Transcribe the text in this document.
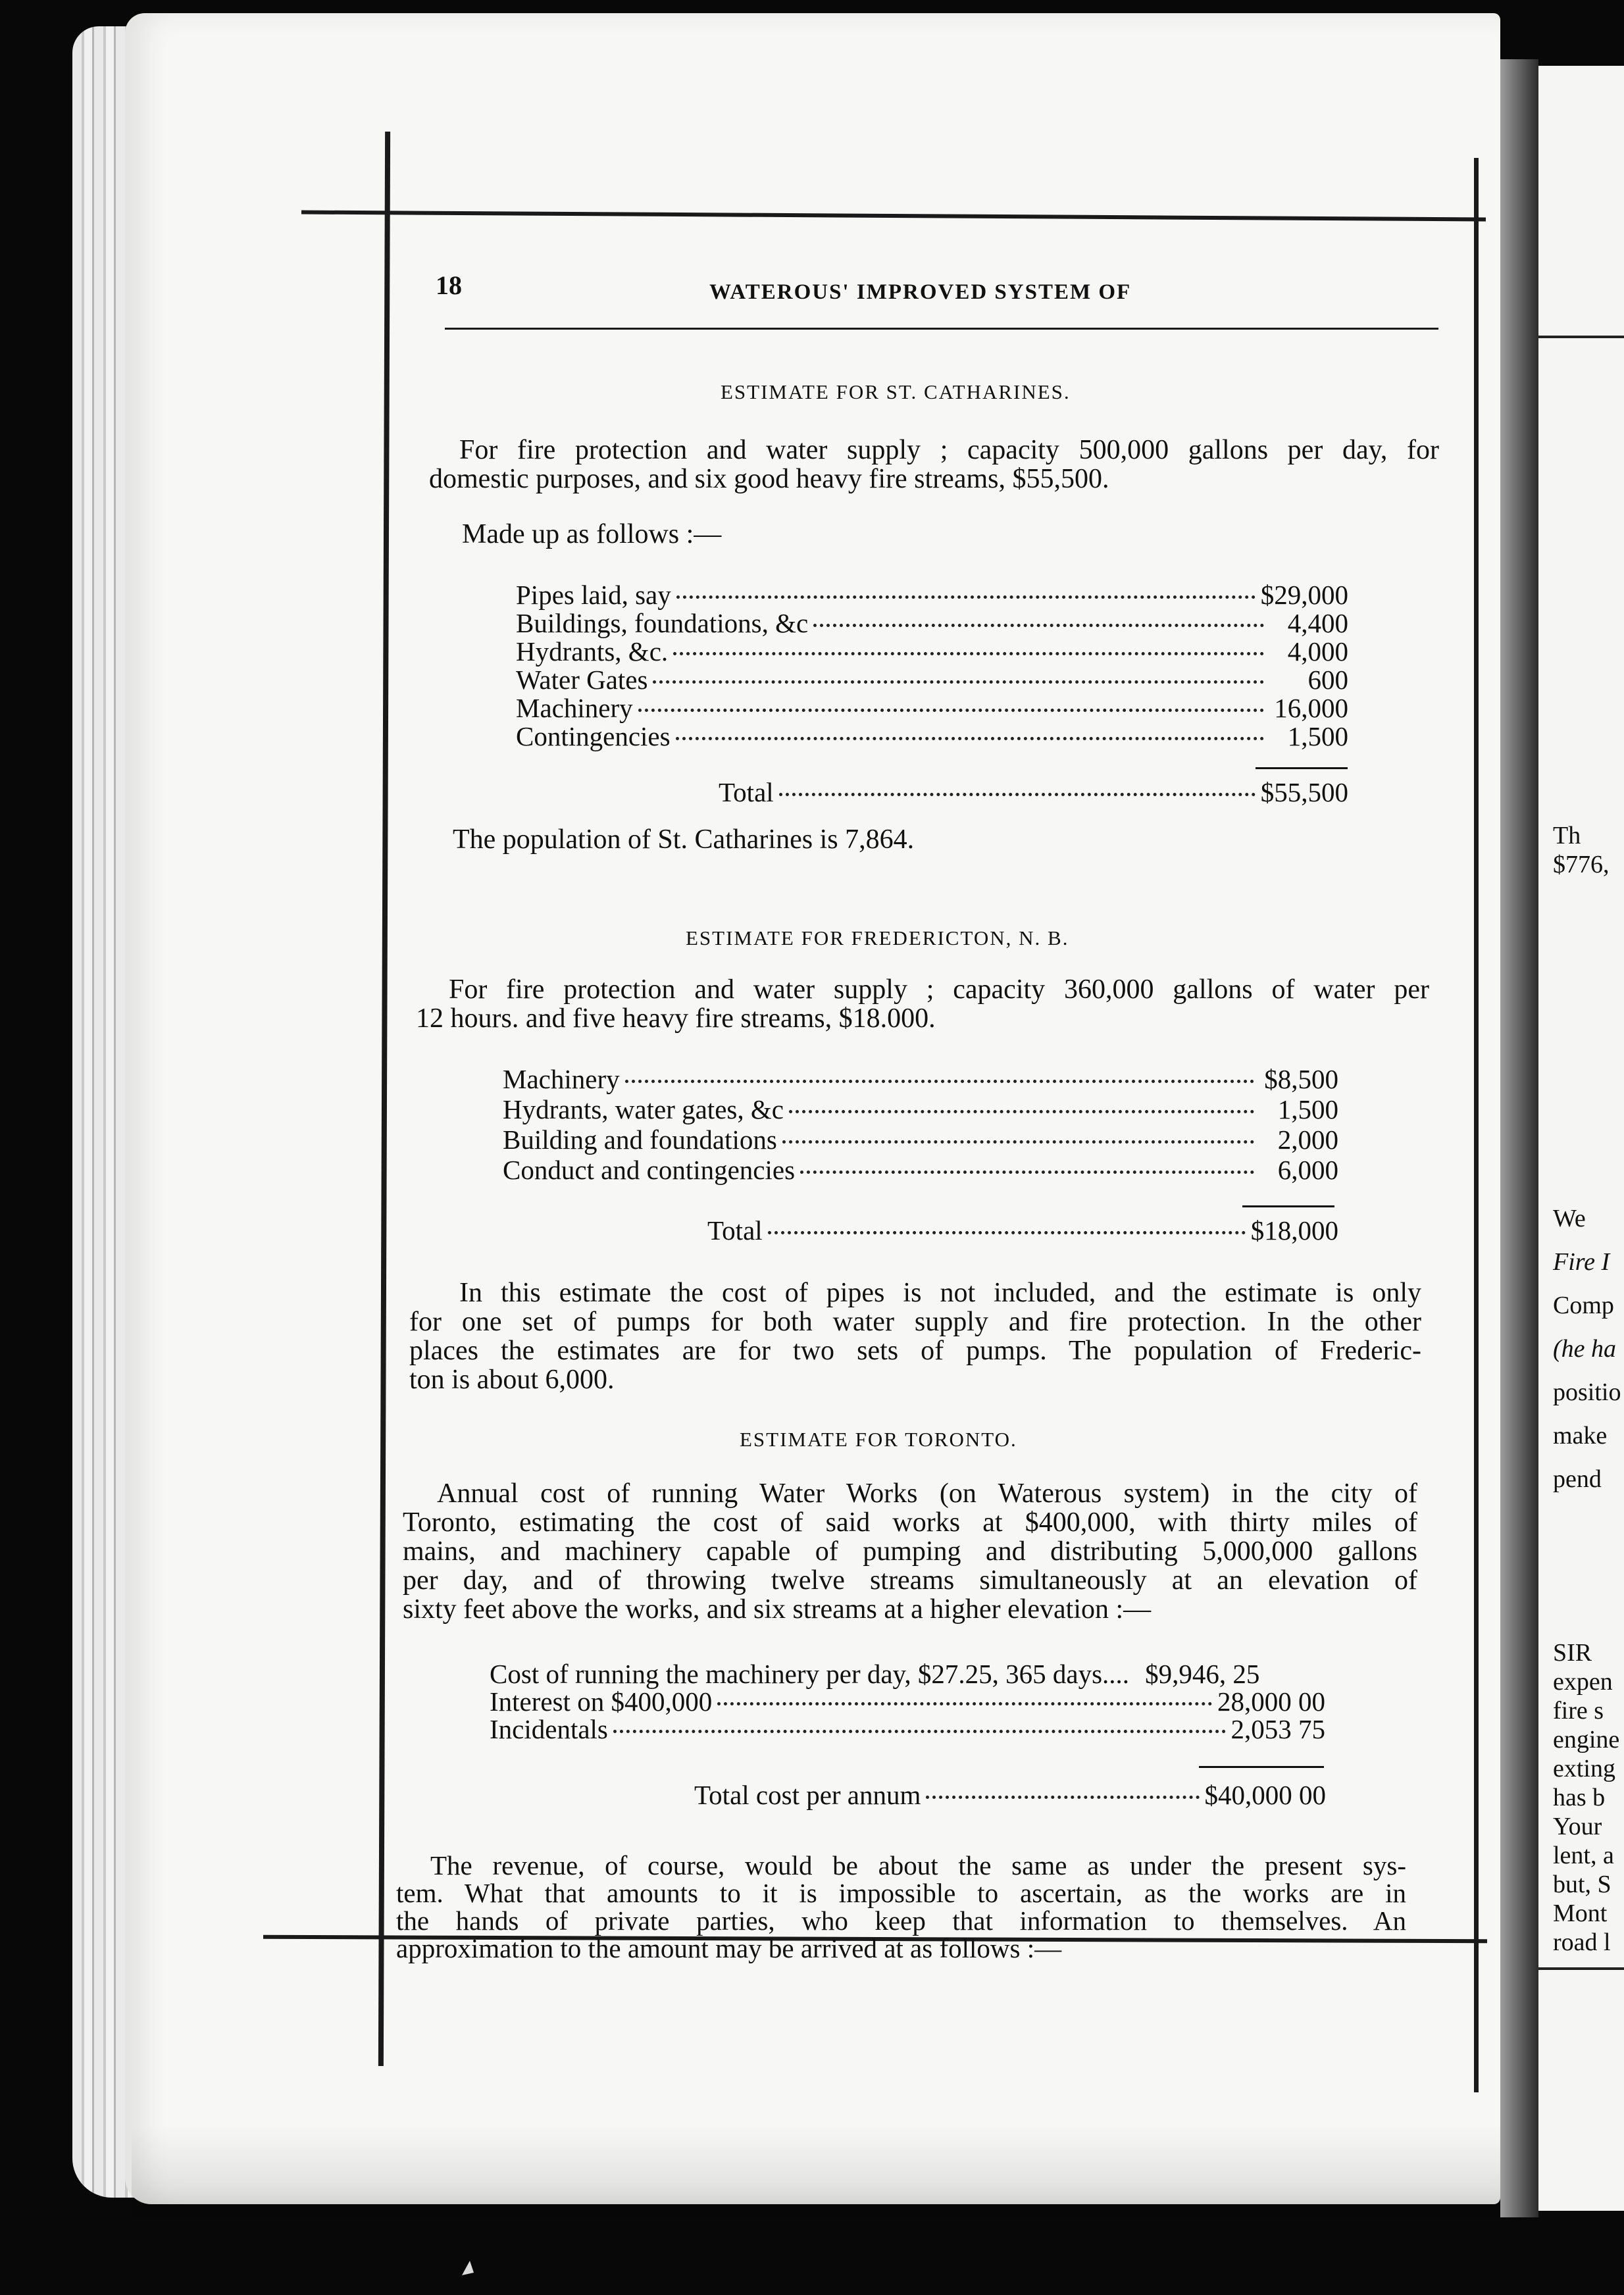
Th
$776,
We
Fire I
Comp
(he ha
positio
make
pend
SIR
expen
fire s
engine
exting
has b
Your
lent, a
but, S
Mont
road l
18	WATEROUS' IMPROVED SYSTEM OF
ESTIMATE FOR ST. CATHARINES.
For fire protection and water supply ; capacity 500,000 gallons per day, for
domestic purposes, and six good heavy fire streams, $55,500.
Made up as follows :—
Pipes laid, say	$29,000
Buildings, foundations, &c	4,400
Hydrants, &c.	4,000
Water Gates	600
Machinery	16,000
Contingencies	1,500
Total	$55,500
The population of St. Catharines is 7,864.
ESTIMATE FOR FREDERICTON, N. B.
For fire protection and water supply ; capacity 360,000 gallons of water per
12 hours. and five heavy fire streams, $18.000.
Machinery	$8,500
Hydrants, water gates, &c	1,500
Building and foundations	2,000
Conduct and contingencies	6,000
Total	$18,000
In this estimate the cost of pipes is not included, and the estimate is only
for one set of pumps for both water supply and fire protection. In the other
places the estimates are for two sets of pumps. The population of Frederic-
ton is about 6,000.
ESTIMATE FOR TORONTO.
Annual cost of running Water Works (on Waterous system) in the city of
Toronto, estimating the cost of said works at $400,000, with thirty miles of
mains, and machinery capable of pumping and distributing 5,000,000 gallons
per day, and of throwing twelve streams simultaneously at an elevation of
sixty feet above the works, and six streams at a higher elevation :—
Cost of running the machinery per day, $27.25, 365 days.... $9,946, 25
Interest on $400,000	28,000 00
Incidentals	2,053 75
Total cost per annum	$40,000 00
The revenue, of course, would be about the same as under the present sys-
tem. What that amounts to it is impossible to ascertain, as the works are in
the hands of private parties, who keep that information to themselves. An
approximation to the amount may be arrived at as follows :—
